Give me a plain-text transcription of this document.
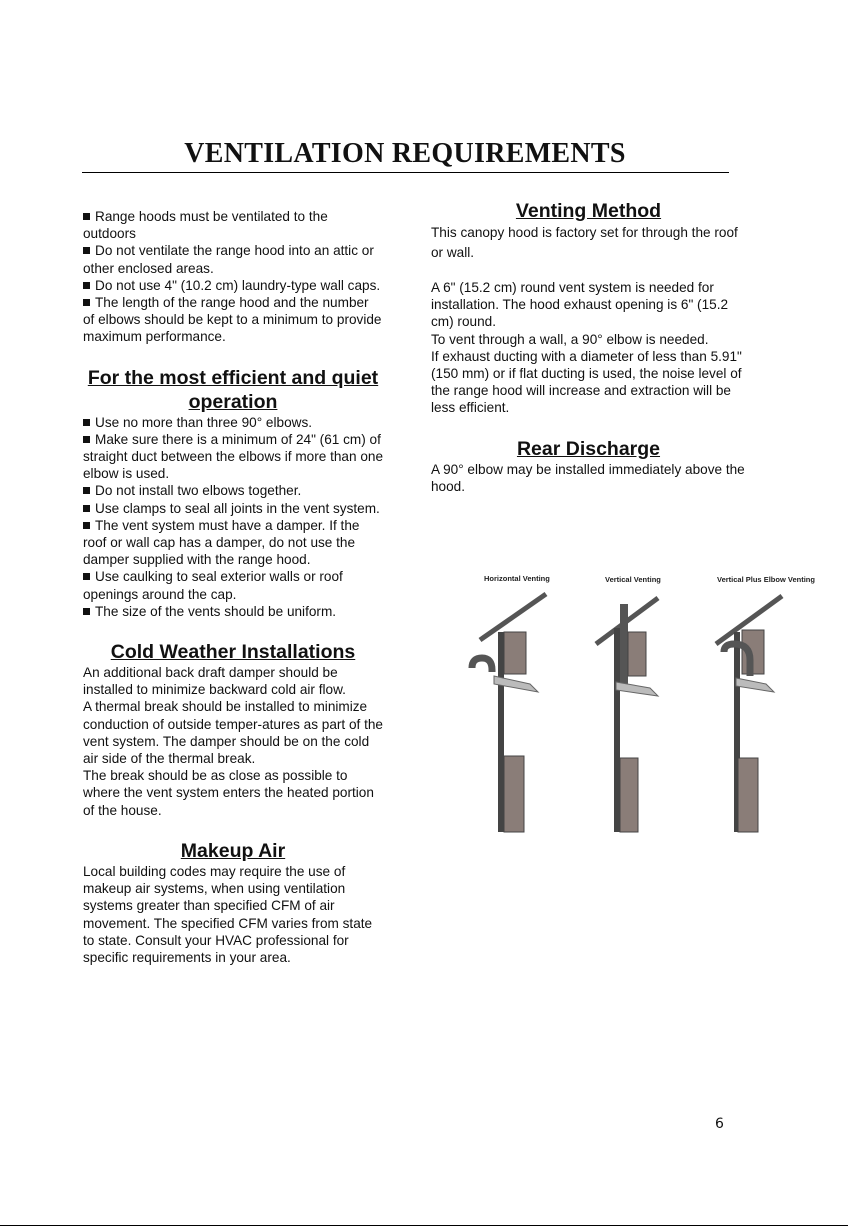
VENTILATION REQUIREMENTS

Range hoods must be ventilated to the outdoors

Do not ventilate the range hood into an attic or other enclosed areas.

Do not use 4" (10.2 cm) laundry-type wall caps.

The length of the range hood and the number of elbows should be kept to a minimum to provide maximum performance.

For the most efficient and quiet operation

Use no more than three 90° elbows.

Make sure there is a minimum of 24" (61 cm) of straight duct between the elbows if more than one elbow is used.

Do not install two elbows together.

Use clamps to seal all joints in the vent system.

The vent system must have a damper. If the roof or wall cap has a damper, do not use the damper supplied with the range hood.

Use caulking to seal exterior walls or roof openings around the cap.

The size of the vents should be uniform.

Cold Weather Installations

An additional back draft damper should be installed to minimize backward cold air flow.

A thermal break should be installed to minimize conduction of outside temper-atures as part of the vent system. The damper should be on the cold air side of the thermal break.

The break should be as close as possible to where the vent system enters the heated portion of the house.

Makeup Air

Local building codes may require the use of makeup air systems, when using ventilation systems greater than specified CFM of air movement. The specified CFM varies from state to state. Consult your HVAC professional for specific requirements in your area.

Venting Method

This canopy hood is factory set for through the roof or wall.

A 6" (15.2 cm) round vent system is needed for installation. The hood exhaust opening is 6" (15.2 cm) round.

To vent through a wall, a 90° elbow is needed.

If exhaust ducting with a diameter of less than 5.91" (150 mm) or if flat ducting is used, the noise level of the range hood will increase and extraction will be less efficient.

Rear Discharge

A 90° elbow may be installed immediately above the hood.

Horizontal Venting	Vertical Venting	Vertical Plus Elbow Venting
6
